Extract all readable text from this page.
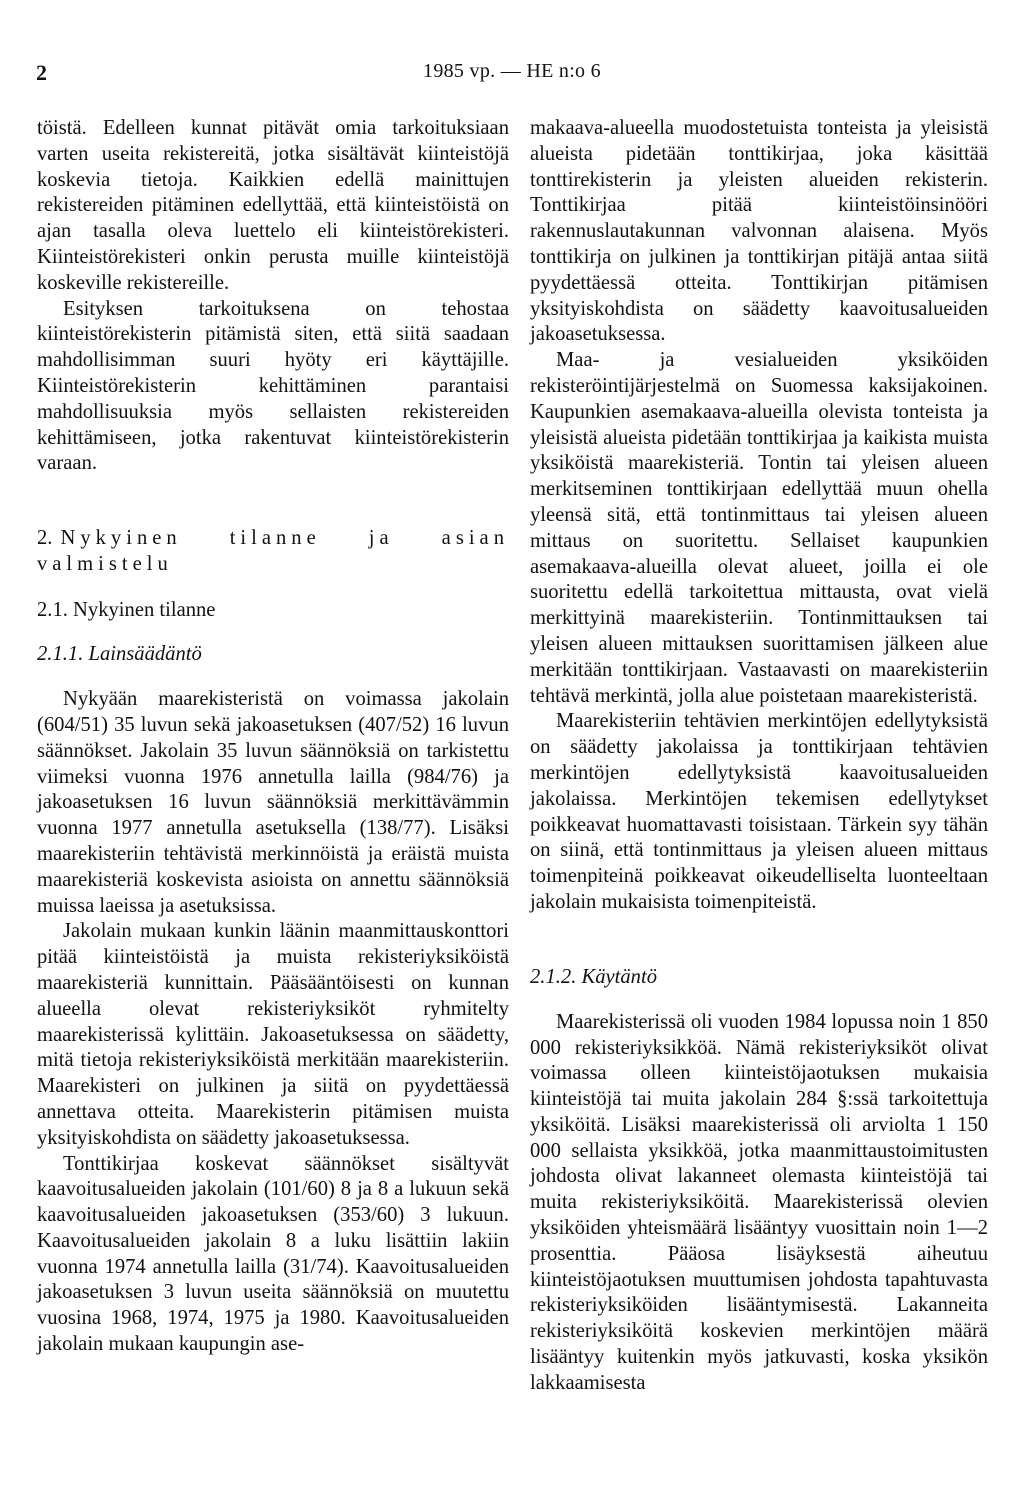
2	1985 vp. — HE n:o 6

töistä. Edelleen kunnat pitävät omia tarkoituksiaan varten useita rekistereitä, jotka sisältävät kiinteistöjä koskevia tietoja. Kaikkien edellä mainittujen rekistereiden pitäminen edellyttää, että kiinteistöistä on ajan tasalla oleva luettelo eli kiinteistörekisteri. Kiinteistörekisteri onkin perusta muille kiinteistöjä koskeville rekistereille.

Esityksen tarkoituksena on tehostaa kiinteistörekisterin pitämistä siten, että siitä saadaan mahdollisimman suuri hyöty eri käyttäjille. Kiinteistörekisterin kehittäminen parantaisi mahdollisuuksia myös sellaisten rekistereiden kehittämiseen, jotka rakentuvat kiinteistörekisterin varaan.

2. Nykyinen tilanne ja asian valmistelu
2.1. Nykyinen tilanne
2.1.1. Lainsäädäntö

Nykyään maarekisteristä on voimassa jakolain (604/51) 35 luvun sekä jakoasetuksen (407/52) 16 luvun säännökset. Jakolain 35 luvun säännöksiä on tarkistettu viimeksi vuonna 1976 annetulla lailla (984/76) ja jakoasetuksen 16 luvun säännöksiä merkittävämmin vuonna 1977 annetulla asetuksella (138/77). Lisäksi maarekisteriin tehtävistä merkinnöistä ja eräistä muista maarekisteriä koskevista asioista on annettu säännöksiä muissa laeissa ja asetuksissa.

Jakolain mukaan kunkin läänin maanmittauskonttori pitää kiinteistöistä ja muista rekisteriyksiköistä maarekisteriä kunnittain. Pääsääntöisesti on kunnan alueella olevat rekisteriyksiköt ryhmitelty maarekisterissä kylittäin. Jakoasetuksessa on säädetty, mitä tietoja rekisteriyksiköistä merkitään maarekisteriin. Maarekisteri on julkinen ja siitä on pyydettäessä annettava otteita. Maarekisterin pitämisen muista yksityiskohdista on säädetty jakoasetuksessa.

Tonttikirjaa koskevat säännökset sisältyvät kaavoitusalueiden jakolain (101/60) 8 ja 8 a lukuun sekä kaavoitusalueiden jakoasetuksen (353/60) 3 lukuun. Kaavoitusalueiden jakolain 8 a luku lisättiin lakiin vuonna 1974 annetulla lailla (31/74). Kaavoitusalueiden jakoasetuksen 3 luvun useita säännöksiä on muutettu vuosina 1968, 1974, 1975 ja 1980. Kaavoitusalueiden jakolain mukaan kaupungin ase-

makaava-alueella muodostetuista tonteista ja yleisistä alueista pidetään tonttikirjaa, joka käsittää tonttirekisterin ja yleisten alueiden rekisterin. Tonttikirjaa pitää kiinteistöinsinööri rakennuslautakunnan valvonnan alaisena. Myös tonttikirja on julkinen ja tonttikirjan pitäjä antaa siitä pyydettäessä otteita. Tonttikirjan pitämisen yksityiskohdista on säädetty kaavoitusalueiden jakoasetuksessa.

Maa- ja vesialueiden yksiköiden rekisteröintijärjestelmä on Suomessa kaksijakoinen. Kaupunkien asemakaava-alueilla olevista tonteista ja yleisistä alueista pidetään tonttikirjaa ja kaikista muista yksiköistä maarekisteriä. Tontin tai yleisen alueen merkitseminen tonttikirjaan edellyttää muun ohella yleensä sitä, että tontinmittaus tai yleisen alueen mittaus on suoritettu. Sellaiset kaupunkien asemakaava-alueilla olevat alueet, joilla ei ole suoritettu edellä tarkoitettua mittausta, ovat vielä merkittyinä maarekisteriin. Tontinmittauksen tai yleisen alueen mittauksen suorittamisen jälkeen alue merkitään tonttikirjaan. Vastaavasti on maarekisteriin tehtävä merkintä, jolla alue poistetaan maarekisteristä.

Maarekisteriin tehtävien merkintöjen edellytyksistä on säädetty jakolaissa ja tonttikirjaan tehtävien merkintöjen edellytyksistä kaavoitusalueiden jakolaissa. Merkintöjen tekemisen edellytykset poikkeavat huomattavasti toisistaan. Tärkein syy tähän on siinä, että tontinmittaus ja yleisen alueen mittaus toimenpiteinä poikkeavat oikeudelliselta luonteeltaan jakolain mukaisista toimenpiteistä.

2.1.2. Käytäntö

Maarekisterissä oli vuoden 1984 lopussa noin 1 850 000 rekisteriyksikköä. Nämä rekisteriyksiköt olivat voimassa olleen kiinteistöjaotuksen mukaisia kiinteistöjä tai muita jakolain 284 §:ssä tarkoitettuja yksiköitä. Lisäksi maarekisterissä oli arviolta 1 150 000 sellaista yksikköä, jotka maanmittaustoimitusten johdosta olivat lakanneet olemasta kiinteistöjä tai muita rekisteriyksiköitä. Maarekisterissä olevien yksiköiden yhteismäärä lisääntyy vuosittain noin 1—2 prosenttia. Pääosa lisäyksestä aiheutuu kiinteistöjaotuksen muuttumisen johdosta tapahtuvasta rekisteriyksiköiden lisääntymisestä. Lakanneita rekisteriyksiköitä koskevien merkintöjen määrä lisääntyy kuitenkin myös jatkuvasti, koska yksikön lakkaamisesta
